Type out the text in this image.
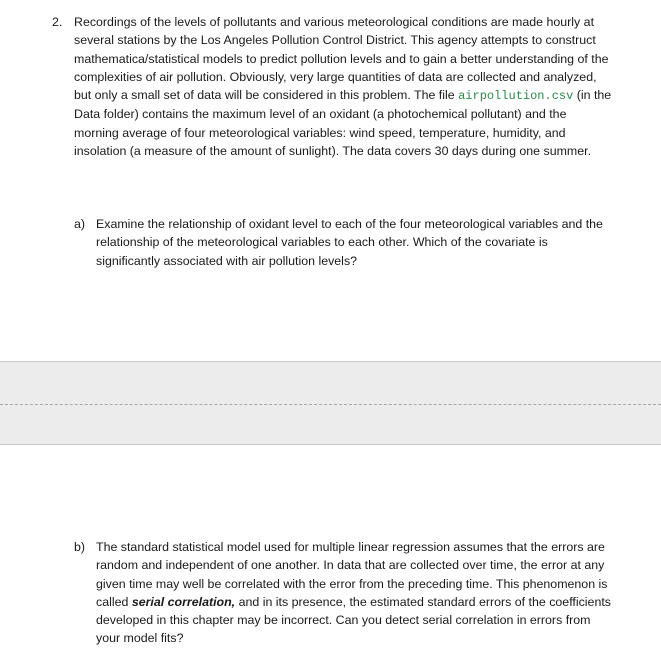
2. Recordings of the levels of pollutants and various meteorological conditions are made hourly at several stations by the Los Angeles Pollution Control District. This agency attempts to construct mathematica/statistical models to predict pollution levels and to gain a better understanding of the complexities of air pollution. Obviously, very large quantities of data are collected and analyzed, but only a small set of data will be considered in this problem. The file airpollution.csv (in the Data folder) contains the maximum level of an oxidant (a photochemical pollutant) and the morning average of four meteorological variables: wind speed, temperature, humidity, and insolation (a measure of the amount of sunlight). The data covers 30 days during one summer.
a) Examine the relationship of oxidant level to each of the four meteorological variables and the relationship of the meteorological variables to each other. Which of the covariate is significantly associated with air pollution levels?
b) The standard statistical model used for multiple linear regression assumes that the errors are random and independent of one another. In data that are collected over time, the error at any given time may well be correlated with the error from the preceding time. This phenomenon is called serial correlation, and in its presence, the estimated standard errors of the coefficients developed in this chapter may be incorrect. Can you detect serial correlation in errors from your model fits?
